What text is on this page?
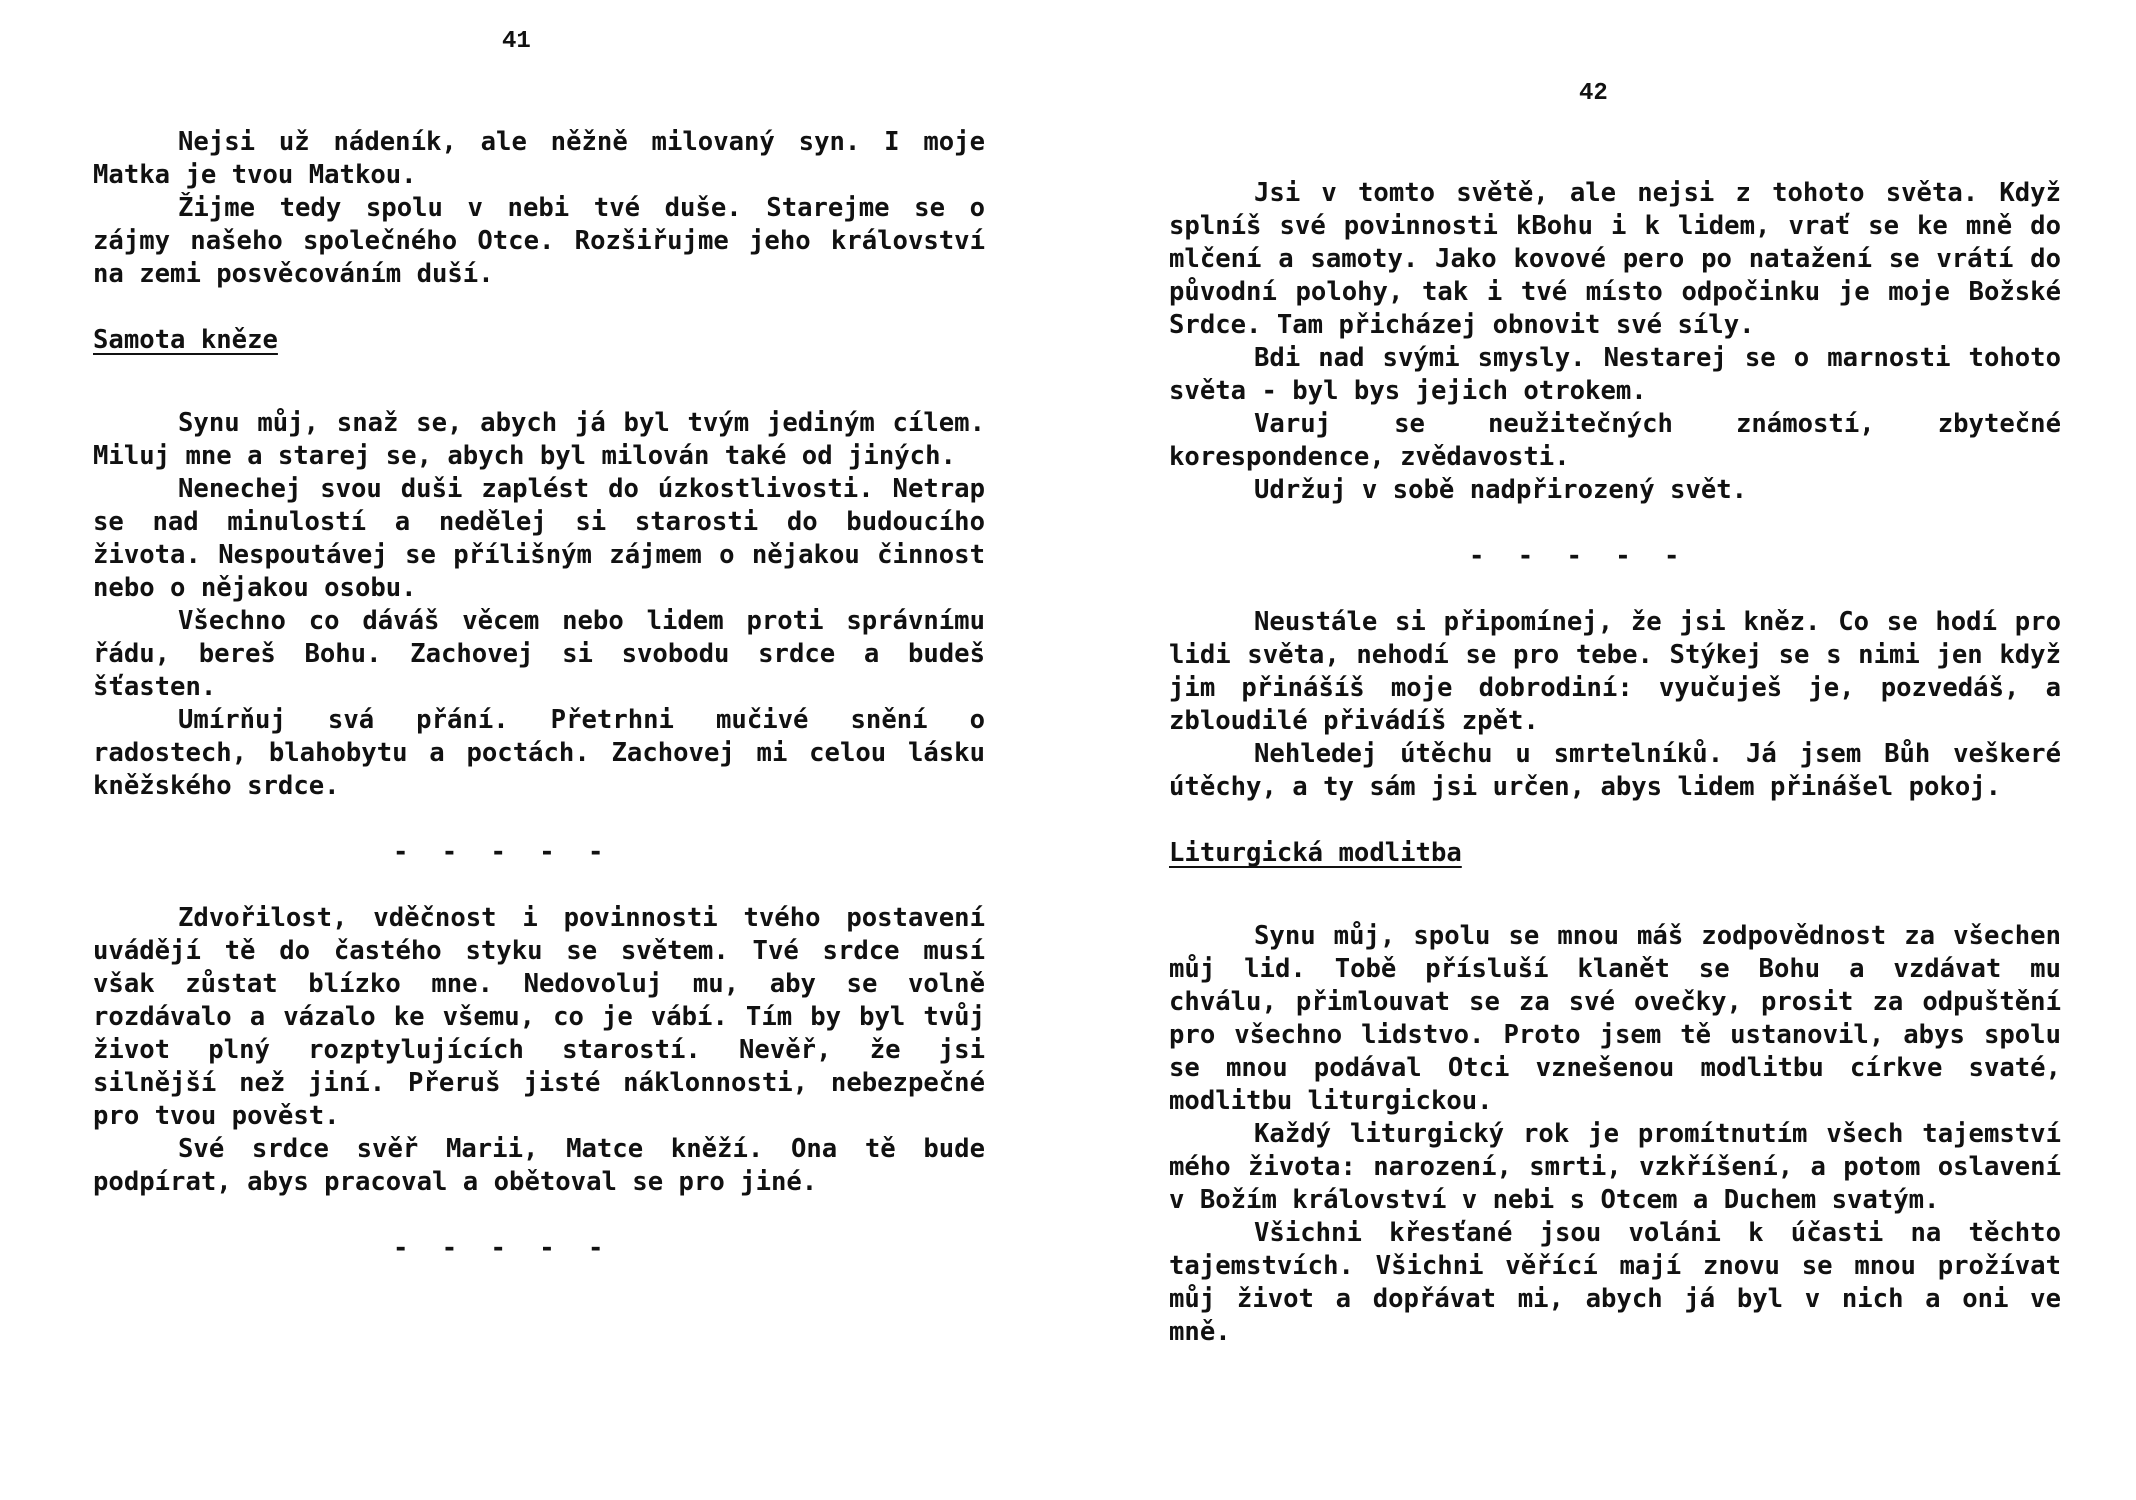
41

Nejsi už nádeník, ale něžně milovaný syn. I moje Matka je tvou Matkou.

Žijme tedy spolu v nebi tvé duše. Starejme se o zájmy našeho společného Otce. Rozšiřujme jeho království na zemi posvěcováním duší.

Samota kněze

Synu můj, snaž se, abych já byl tvým jediným cílem. Miluj mne a starej se, abych byl milován také od jiných.

Nenechej svou duši zaplést do úzkostlivosti. Netrap se nad minulostí a nedělej si starosti do budoucího života. Nespoutávej se přílišným zájmem o nějakou činnost nebo o nějakou osobu.

Všechno co dáváš věcem nebo lidem proti správnímu řádu, bereš Bohu. Zachovej si svobodu srdce a budeš šťasten.

Umírňuj svá přání. Přetrhni mučivé snění o radostech, blahobytu a poctách. Zachovej mi celou lásku kněžského srdce.

- - - - -

Zdvořilost, vděčnost i povinnosti tvého postavení uvádějí tě do častého styku se světem. Tvé srdce musí však zůstat blízko mne. Nedovoluj mu, aby se volně rozdávalo a vázalo ke všemu, co je vábí. Tím by byl tvůj život plný rozptylujících starostí. Nevěř, že jsi silnější než jiní. Přeruš jisté náklonnosti, nebezpečné pro tvou pověst.

Své srdce svěř Marii, Matce kněží. Ona tě bude podpírat, abys pracoval a obětoval se pro jiné.

- - - - -

42

Jsi v tomto světě, ale nejsi z tohoto světa. Když splníš své povinnosti kBohu i k lidem, vrať se ke mně do mlčení a samoty. Jako kovové pero po natažení se vrátí do původní polohy, tak i tvé místo odpočinku je moje Božské Srdce. Tam přicházej obnovit své síly.

Bdi nad svými smysly. Nestarej se o marnosti tohoto světa - byl bys jejich otrokem.

Varuj se neužitečných známostí, zbytečné korespondence, zvědavosti.

Udržuj v sobě nadpřirozený svět.

- - - - -

Neustále si připomínej, že jsi kněz. Co se hodí pro lidi světa, nehodí se pro tebe. Stýkej se s nimi jen když jim přinášíš moje dobrodiní: vyučuješ je, pozvedáš, a zbloudilé přivádíš zpět.

Nehledej útěchu u smrtelníků. Já jsem Bůh veškeré útěchy, a ty sám jsi určen, abys lidem přinášel pokoj.

Liturgická modlitba

Synu můj, spolu se mnou máš zodpovědnost za všechen můj lid. Tobě přísluší klanět se Bohu a vzdávat mu chválu, přimlouvat se za své ovečky, prosit za odpuštění pro všechno lidstvo. Proto jsem tě ustanovil, abys spolu se mnou podával Otci vznešenou modlitbu církve svaté, modlitbu liturgickou.

Každý liturgický rok je promítnutím všech tajemství mého života: narození, smrti, vzkříšení, a potom oslavení v Božím království v nebi s Otcem a Duchem svatým.

Všichni křesťané jsou voláni k účasti na těchto tajemstvích. Všichni věřící mají znovu se mnou prožívat můj život a dopřávat mi, abych já byl v nich a oni ve mně.
